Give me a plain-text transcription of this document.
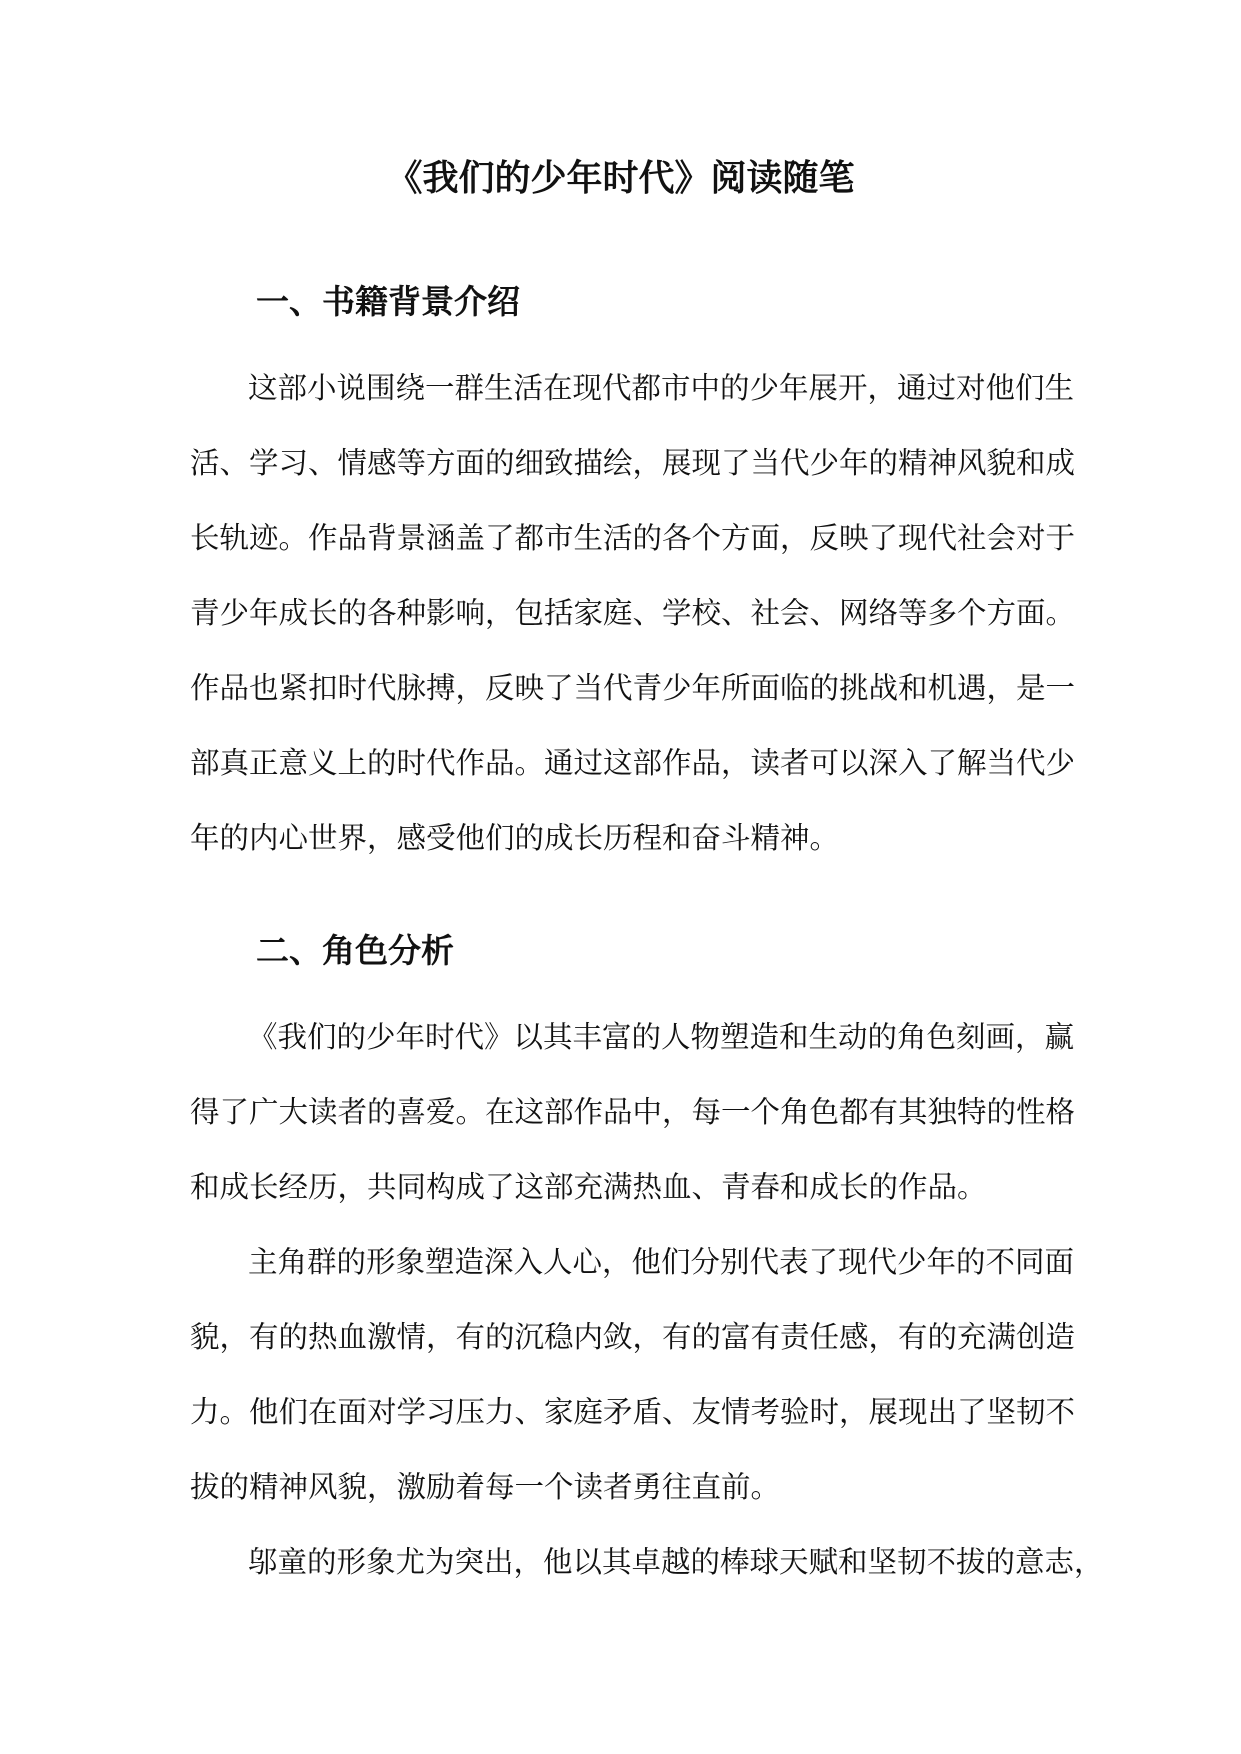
《我们的少年时代》阅读随笔
一、书籍背景介绍

这部小说围绕一群生活在现代都市中的少年展开，通过对他们生

活、学习、情感等方面的细致描绘，展现了当代少年的精神风貌和成

长轨迹。作品背景涵盖了都市生活的各个方面，反映了现代社会对于

青少年成长的各种影响，包括家庭、学校、社会、网络等多个方面。

作品也紧扣时代脉搏，反映了当代青少年所面临的挑战和机遇，是一

部真正意义上的时代作品。通过这部作品，读者可以深入了解当代少

年的内心世界，感受他们的成长历程和奋斗精神。

二、角色分析

《我们的少年时代》以其丰富的人物塑造和生动的角色刻画，赢

得了广大读者的喜爱。在这部作品中，每一个角色都有其独特的性格

和成长经历，共同构成了这部充满热血、青春和成长的作品。

主角群的形象塑造深入人心，他们分别代表了现代少年的不同面

貌，有的热血激情，有的沉稳内敛，有的富有责任感，有的充满创造

力。他们在面对学习压力、家庭矛盾、友情考验时，展现出了坚韧不

拔的精神风貌，激励着每一个读者勇往直前。

邬童的形象尤为突出，他以其卓越的棒球天赋和坚韧不拔的意志，
